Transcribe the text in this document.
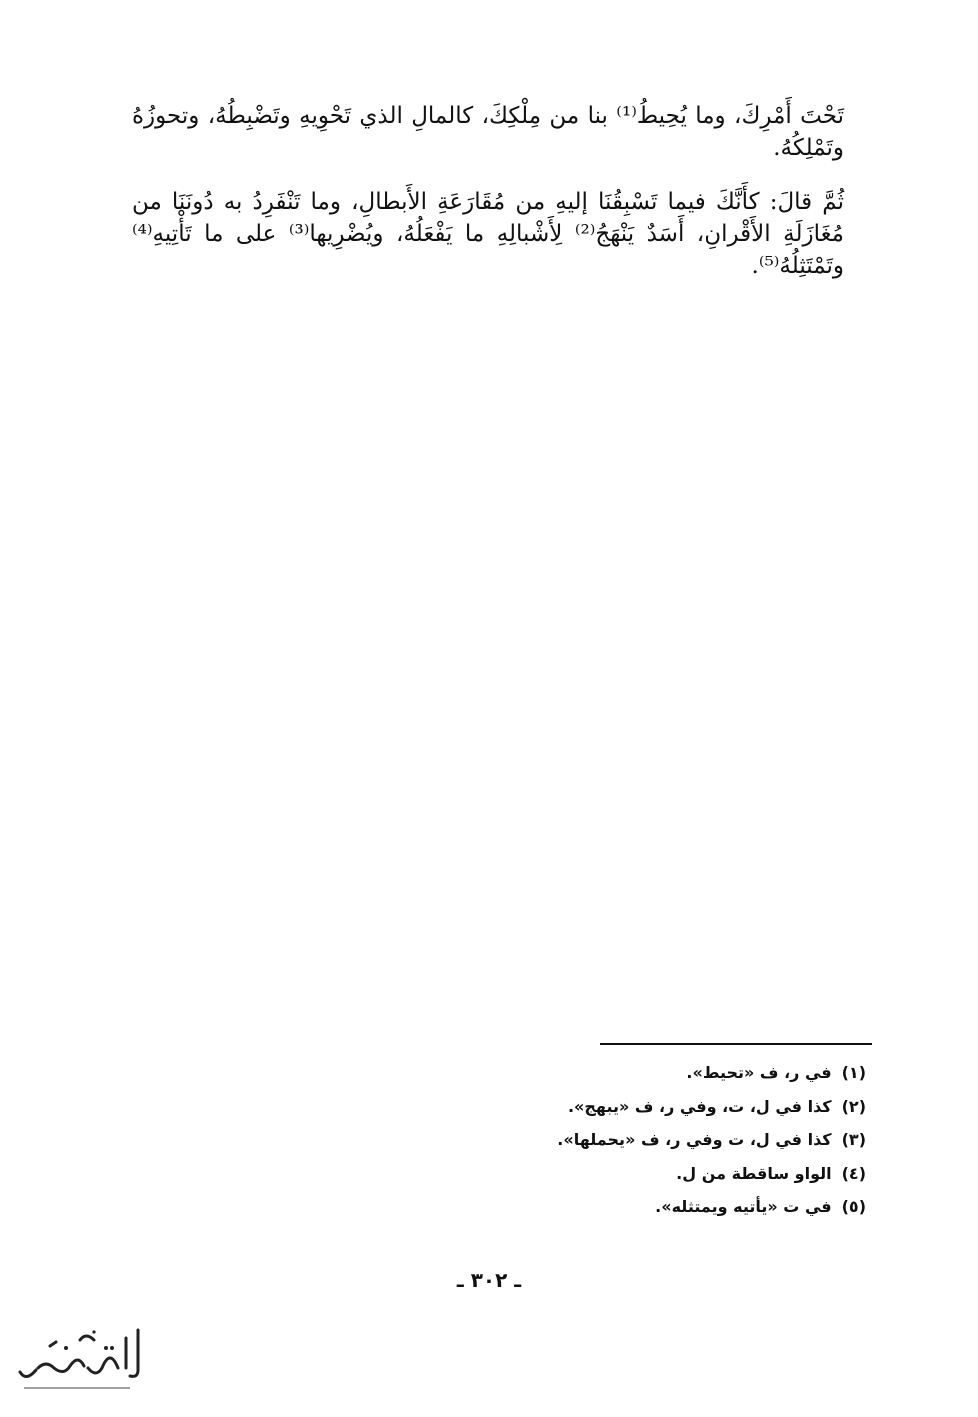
تَحْتَ أَمْرِكَ، وما يُحِيطُ⁽¹⁾ بنا من مِلْكِكَ، كالمالِ الذي تَحْوِيهِ وتَضْبِطُهُ، وتحوزُهُ وتَمْلِكُهُ.

ثُمَّ قالَ: كأَنَّكَ فيما تَسْبِقُنَا إليهِ من مُقَارَعَةِ الأَبطالِ، وما تَنْفَرِدُ به دُونَنَا من مُغَازَلَةِ الأَقْرانِ، أَسَدٌ يَنْهَجُ⁽²⁾ لِأَشْبالِهِ ما يَفْعَلُهُ، ويُضْرِيها⁽³⁾ على ما تَأْتِيهِ⁽⁴⁾ وتَمْتَثِلُهُ⁽⁵⁾.

(١)في ر، ف «تحيط».
(٢)كذا في ل، ت، وفي ر، ف «يبهج».
(٣)كذا في ل، ت وفي ر، ف «يحملها».
(٤)الواو ساقطة من ل.
(٥)في ت «يأتيه ويمتثله».
ـ ٣٠٢ ـ
